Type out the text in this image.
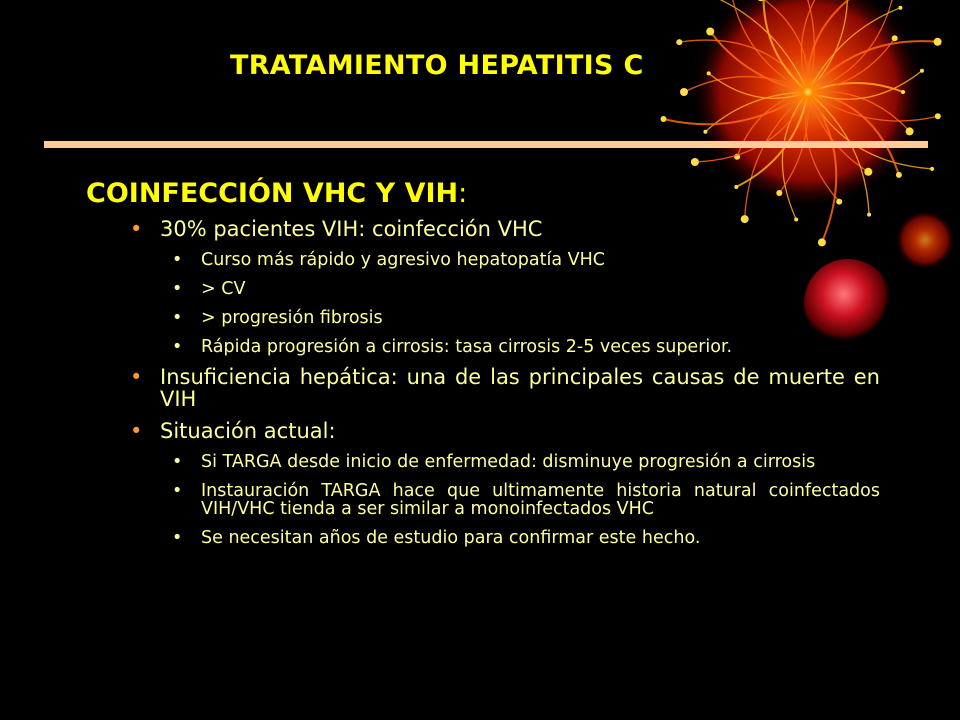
TRATAMIENTO HEPATITIS C
COINFECCIÓN VHC Y VIH:
• 30% pacientes VIH: coinfección VHC
• Curso más rápido y agresivo hepatopatía VHC
• > CV
• > progresión fibrosis
• Rápida progresión a cirrosis: tasa cirrosis 2-5 veces superior.
• Insuficiencia hepática: una de las principales causas de muerte en VIH
• Situación actual:
• Si TARGA desde inicio de enfermedad: disminuye progresión a cirrosis
• Instauración TARGA hace que ultimamente historia natural coinfectados VIH/VHC tienda a ser similar a monoinfectados VHC
• Se necesitan años de estudio para confirmar este hecho.
